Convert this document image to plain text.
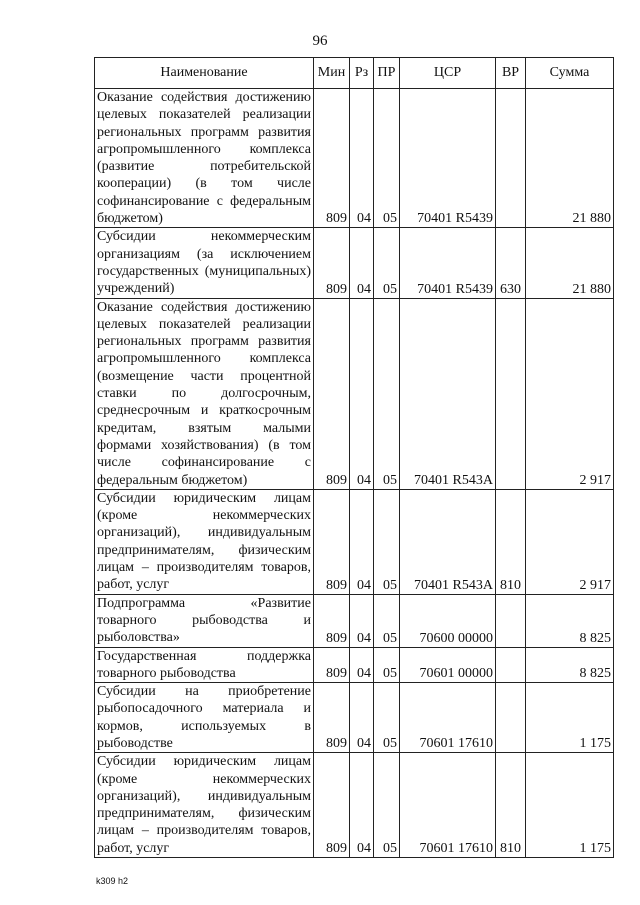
96
Наименование	Мин	Рз	ПР	ЦСР	ВР	Сумма
Оказание содействия достижению целевых показателей реализации региональных программ развития агропромышленного комплекса (развитие потребительской кооперации) (в том числе софинансирование с федеральным бюджетом)	809	04	05	70401 R5439		21 880
Субсидии некоммерческим организациям (за исключением государственных (муниципальных) учреждений)	809	04	05	70401 R5439	630	21 880
Оказание содействия достижению целевых показателей реализации региональных программ развития агропромышленного комплекса (возмещение части процентной ставки по долгосрочным, среднесрочным и краткосрочным кредитам, взятым малыми формами хозяйствования) (в том числе софинансирование с федеральным бюджетом)	809	04	05	70401 R543A		2 917
Субсидии юридическим лицам (кроме некоммерческих организаций), индивидуальным предпринимателям, физическим лицам – производителям товаров, работ, услуг	809	04	05	70401 R543A	810	2 917
Подпрограмма «Развитие товарного рыбоводства и рыболовства»	809	04	05	70600 00000		8 825
Государственная поддержка товарного рыбоводства	809	04	05	70601 00000		8 825
Субсидии на приобретение рыбопосадочного материала и кормов, используемых в рыбоводстве	809	04	05	70601 17610		1 175
Субсидии юридическим лицам (кроме некоммерческих организаций), индивидуальным предпринимателям, физическим лицам – производителям товаров, работ, услуг	809	04	05	70601 17610	810	1 175
k309 h2
